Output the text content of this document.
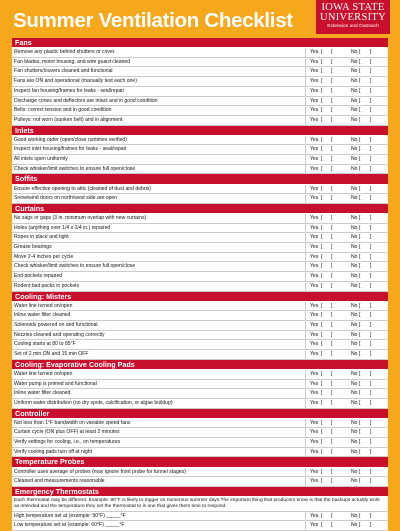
Summer Ventilation Checklist
IOWA STATE
UNIVERSITY
Extension and Outreach
Fans
Remove any plastic behind shutters or cover	Yes [ ]	No [ ]
Fan blades, motor housing, and wire guard cleaned	Yes [ ]	No [ ]
Fan shutters/louvers cleaned and functional	Yes [ ]	No [ ]
Fans are ON and operational (manually test each one)	Yes [ ]	No [ ]
Inspect fan housing/frames for leaks - seal/repair	Yes [ ]	No [ ]
Discharge cones and deflectors are intact and in good condition	Yes [ ]	No [ ]
Belts: correct tension and in good condition	Yes [ ]	No [ ]
Pulleys: not worn (sunken belt) and in alignment	Yes [ ]	No [ ]
Inlets
Good working order (open/close runtimes verified)	Yes [ ]	No [ ]
Inspect inlet housing/frames for leaks - seal/repair	Yes [ ]	No [ ]
All inlets open uniformly	Yes [ ]	No [ ]
Check whisker/limit switches to ensure full open/close	Yes [ ]	No [ ]
Soffits
Ensure effective opening to attic (cleaned of dust and debris)	Yes [ ]	No [ ]
Snow/wind doors on north/west side are open	Yes [ ]	No [ ]
Curtains
No sags or gaps (3 in. minimum overlap with new curtains)	Yes [ ]	No [ ]
Holes (anything over 1/4 x 1/4 in.) repaired	Yes [ ]	No [ ]
Ropes in place and tight	Yes [ ]	No [ ]
Grease bearings	Yes [ ]	No [ ]
Move 2-4 inches per cycle	Yes [ ]	No [ ]
Check whisker/limit switches to ensure full open/close	Yes [ ]	No [ ]
End pockets repaired	Yes [ ]	No [ ]
Rodent bait packs in pockets	Yes [ ]	No [ ]
Cooling: Misters
Water line turned on/open	Yes [ ]	No [ ]
Inline water filter cleaned	Yes [ ]	No [ ]
Solenoids powered on and functional	Yes [ ]	No [ ]
Nozzles cleaned and operating correctly	Yes [ ]	No [ ]
Cooling starts at 80 to 85°F	Yes [ ]	No [ ]
Set of 2 min ON and 15 min OFF	Yes [ ]	No [ ]
Cooling: Evaporative Cooling Pads
Water line turned on/open	Yes [ ]	No [ ]
Water pump is primed and functional	Yes [ ]	No [ ]
Inline water filter cleaned	Yes [ ]	No [ ]
Uniform water distribution (no dry spots, calcification, or algae buildup)	Yes [ ]	No [ ]
Controller
Not less than 1°F bandwidth on variable speed fans	Yes [ ]	No [ ]
Curtain cycle (ON plus OFF) at least 2 minutes	Yes [ ]	No [ ]
Verify settings for cooling, i.e., on temperatures	Yes [ ]	No [ ]
Verify cooling pads turn off at night	Yes [ ]	No [ ]
Temperature Probes
Controller uses average of probes (may ignore front probe for tunnel stages)	Yes [ ]	No [ ]
Cleaned and measurements reasonable	Yes [ ]	No [ ]
Emergency Thermostats
Each thermostat may be different. Example: 90°F is likely to trigger on numerous summer days.The important thing that producers know is that the backups actually work as intended and the temperature they set the thermostat to is one that gives them time to respond.
High temperature set at (example: 90°F) _____°F	Yes [ ]	No [ ]
Low temperature set at (example: 60°F) _____°F	Yes [ ]	No [ ]
